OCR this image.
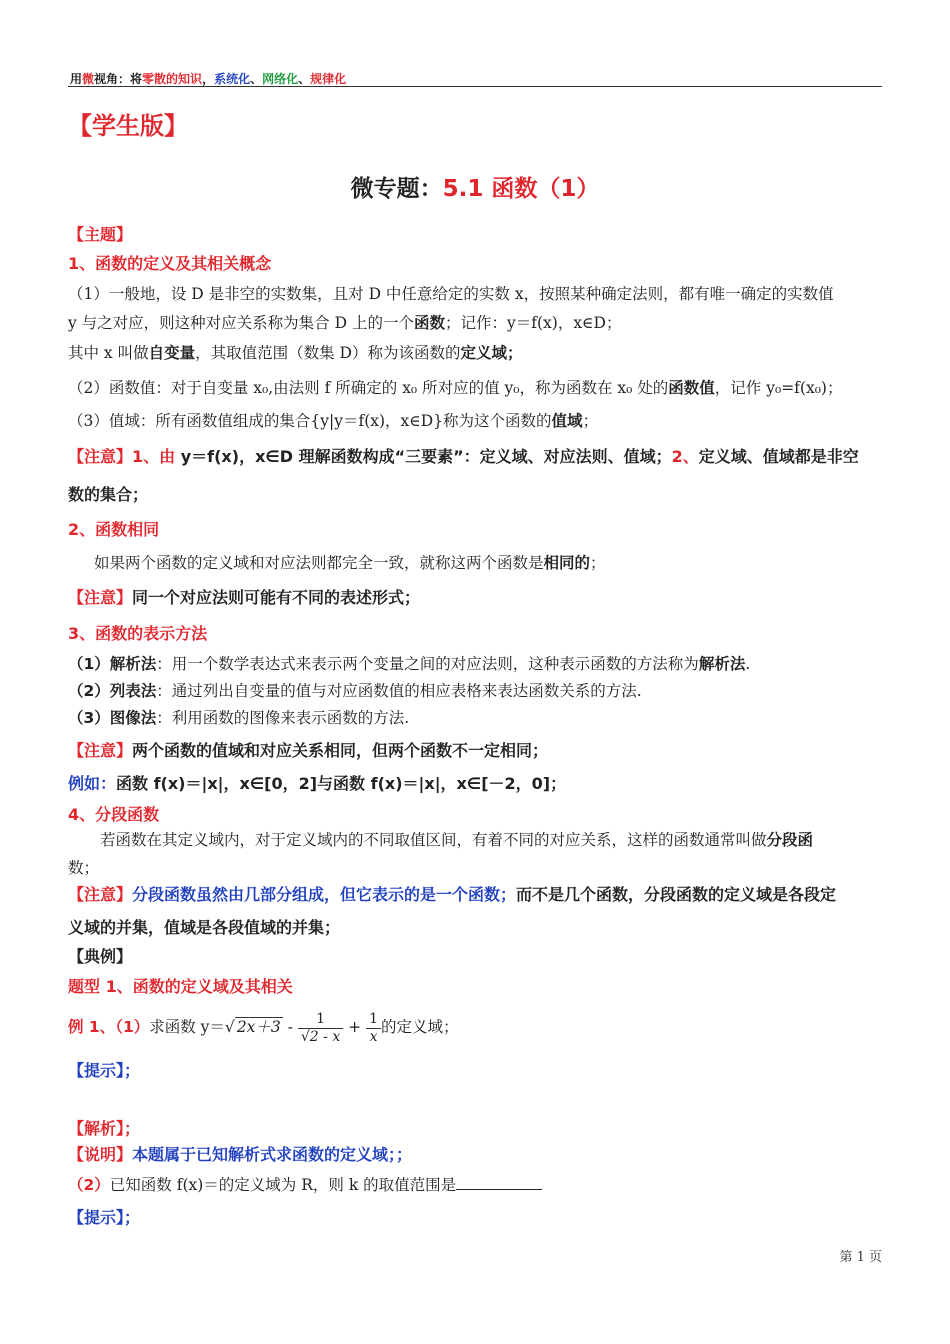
用微视角：将零散的知识，系统化、网络化、规律化
【学生版】
微专题：5.1 函数（1）
【主题】
1、函数的定义及其相关概念
（1）一般地，设 D 是非空的实数集，且对 D 中任意给定的实数 x，按照某种确定法则，都有唯一确定的实数值
y 与之对应，则这种对应关系称为集合 D 上的一个函数；记作：y＝f(x)，x∈D；
其中 x 叫做自变量，其取值范围（数集 D）称为该函数的定义域；
（2）函数值：对于自变量 x₀,由法则 f 所确定的 x₀ 所对应的值 y₀，称为函数在 x₀ 处的函数值，记作 y₀=f(x₀)；
（3）值域：所有函数值组成的集合{y|y＝f(x)，x∈D}称为这个函数的值域；
【注意】1、由 y＝f(x)，x∈D 理解函数构成“三要素”：定义域、对应法则、值域；2、定义域、值域都是非空
数的集合；
2、函数相同
如果两个函数的定义域和对应法则都完全一致，就称这两个函数是相同的；
【注意】同一个对应法则可能有不同的表述形式；
3、函数的表示方法
（1）解析法：用一个数学表达式来表示两个变量之间的对应法则，这种表示函数的方法称为解析法.
（2）列表法：通过列出自变量的值与对应函数值的相应表格来表达函数关系的方法.
（3）图像法：利用函数的图像来表示函数的方法.
【注意】两个函数的值域和对应关系相同，但两个函数不一定相同；
例如：函数 f(x)＝|x|，x∈[0，2]与函数 f(x)＝|x|，x∈[－2，0]；
4、分段函数
若函数在其定义域内，对于定义域内的不同取值区间，有着不同的对应关系，这样的函数通常叫做分段函
数；
【注意】分段函数虽然由几部分组成，但它表示的是一个函数；而不是几个函数，分段函数的定义域是各段定
义域的并集，值域是各段值域的并集；
【典例】
题型 1、函数的定义域及其相关
例 1、（1）求函数 y＝√ $2x+3 - \frac{1}{√2 - x} + \frac{1}{x}$ 的定义域；
【提示】；
【解析】；
【说明】本题属于已知解析式求函数的定义域；；
（2）已知函数 f(x)＝的定义域为 R，则 k 的取值范围是
【提示】；
第 1 页
